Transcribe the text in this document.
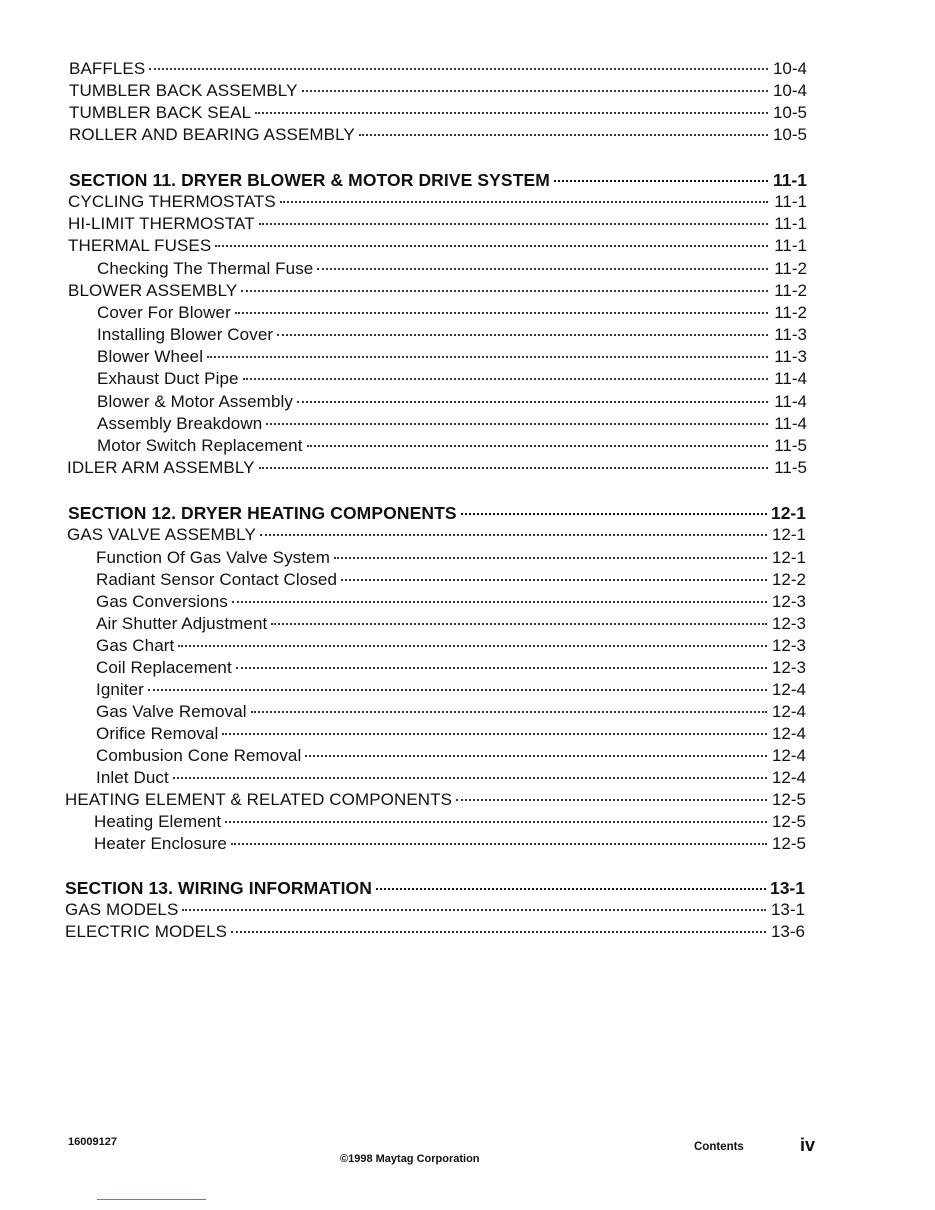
BAFFLES	10-4
TUMBLER BACK ASSEMBLY	10-4
TUMBLER BACK SEAL	10-5
ROLLER AND BEARING ASSEMBLY	10-5
SECTION 11. DRYER BLOWER & MOTOR DRIVE SYSTEM	11-1
CYCLING THERMOSTATS	11-1
HI-LIMIT THERMOSTAT	11-1
THERMAL FUSES	11-1
Checking The Thermal Fuse	11-2
BLOWER ASSEMBLY	11-2
Cover For Blower	11-2
Installing Blower Cover	11-3
Blower Wheel	11-3
Exhaust Duct Pipe	11-4
Blower & Motor Assembly	11-4
Assembly Breakdown	11-4
Motor Switch Replacement	11-5
IDLER ARM ASSEMBLY	11-5
SECTION 12. DRYER HEATING COMPONENTS	12-1
GAS VALVE ASSEMBLY	12-1
Function Of Gas Valve System	12-1
Radiant Sensor Contact Closed	12-2
Gas Conversions	12-3
Air Shutter Adjustment	12-3
Gas Chart	12-3
Coil Replacement	12-3
Igniter	12-4
Gas Valve Removal	12-4
Orifice Removal	12-4
Combusion Cone Removal	12-4
Inlet Duct	12-4
HEATING ELEMENT & RELATED COMPONENTS	12-5
Heating Element	12-5
Heater Enclosure	12-5
SECTION 13. WIRING INFORMATION	13-1
GAS MODELS	13-1
ELECTRIC MODELS	13-6
16009127
©1998 Maytag Corporation
Contents	iv
